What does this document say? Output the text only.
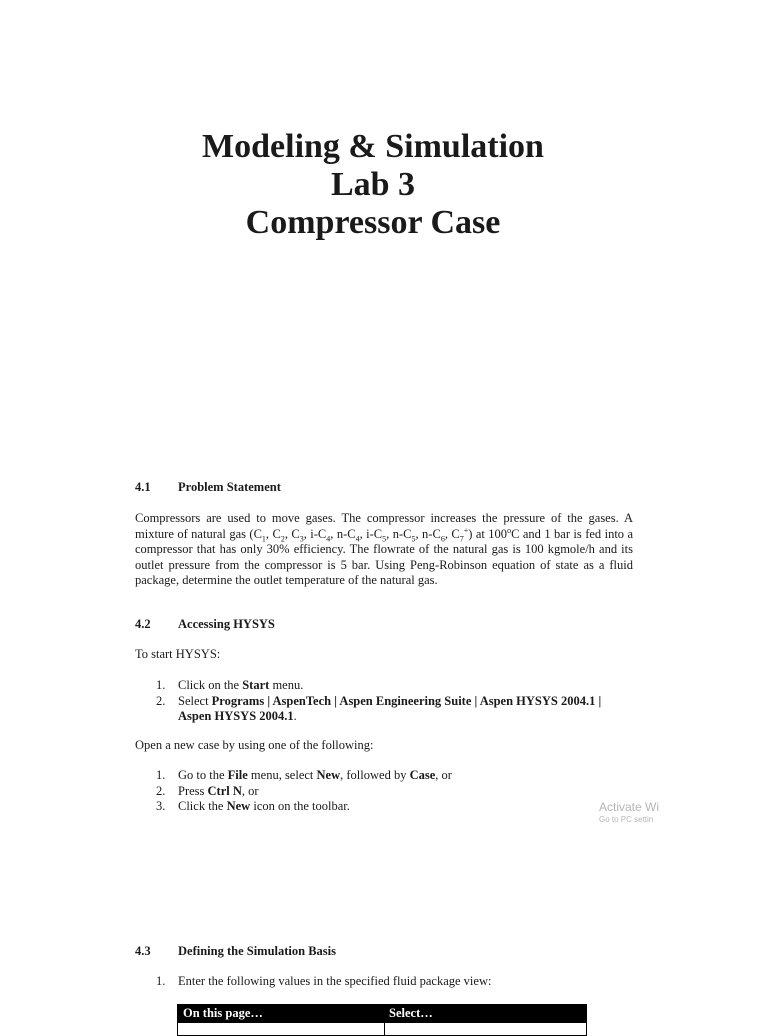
Modeling & Simulation
Lab 3
Compressor Case
4.1 Problem Statement
Compressors are used to move gases. The compressor increases the pressure of the gases. A mixture of natural gas ($C_1$, $C_2$, $C_3$, $i-C_4$, $n-C_4$, $i-C_5$, $n-C_5$, $n-C_6$, $C_7^+$) at 100$^o$C and 1 bar is fed into a compressor that has only 30% efficiency. The flowrate of the natural gas is 100 kgmole/h and its outlet pressure from the compressor is 5 bar. Using Peng-Robinson equation of state as a fluid package, determine the outlet temperature of the natural gas.
4.2 Accessing HYSYS
To start HYSYS:
1. Click on the Start menu.
2. Select Programs | AspenTech | Aspen Engineering Suite | Aspen HYSYS 2004.1 | Aspen HYSYS 2004.1.
Open a new case by using one of the following:
1. Go to the File menu, select New, followed by Case, or
2. Press Ctrl N, or
3. Click the New icon on the toolbar.	Activate Wi
Go to PC settin
4.3 Defining the Simulation Basis
1. Enter the following values in the specified fluid package view:
On this page…	Select…
